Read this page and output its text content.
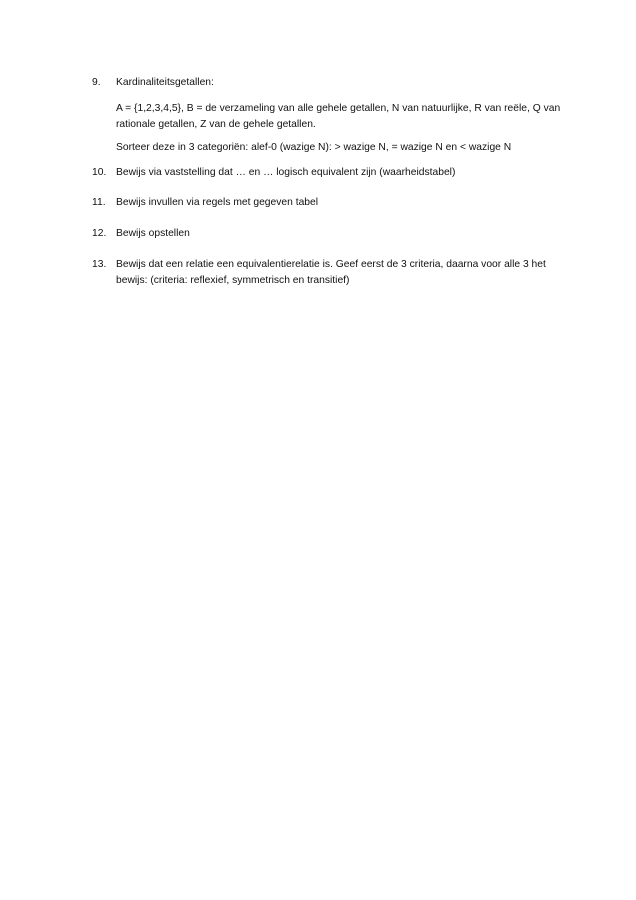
9.	Kardinaliteitsgetallen:
A = {1,2,3,4,5}, B = de verzameling van alle gehele getallen, N van natuurlijke, R van reële, Q van rationale getallen, Z van de gehele getallen.
Sorteer deze in 3 categoriën: alef-0 (wazige N): > wazige N, = wazige N en < wazige N
10. Bewijs via vaststelling dat … en … logisch equivalent zijn (waarheidstabel)
11.	Bewijs invullen via regels met gegeven tabel
12. Bewijs opstellen
13. Bewijs dat een relatie een equivalentierelatie is. Geef eerst de 3 criteria, daarna voor alle 3 het bewijs: (criteria: reflexief, symmetrisch en transitief)
